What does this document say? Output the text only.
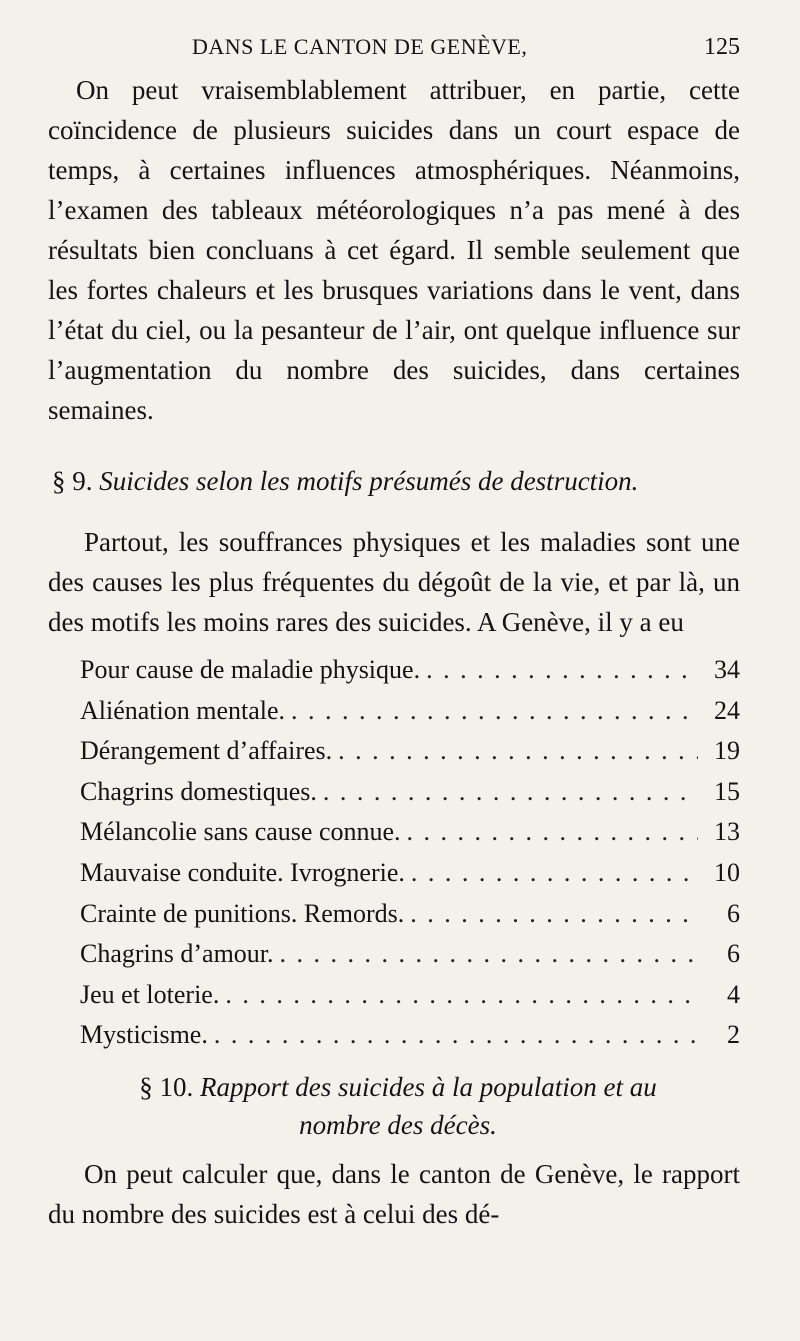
DANS LE CANTON DE GENÈVE,	125

On peut vraisemblablement attribuer, en partie, cette coïncidence de plusieurs suicides dans un court espace de temps, à certaines influences atmosphériques. Néanmoins, l’examen des tableaux météorologiques n’a pas mené à des résultats bien concluans à cet égard. Il semble seulement que les fortes chaleurs et les brusques variations dans le vent, dans l’état du ciel, ou la pesanteur de l’air, ont quelque influence sur l’augmentation du nombre des suicides, dans certaines semaines.

§ 9. Suicides selon les motifs présumés de destruction.

Partout, les souffrances physiques et les maladies sont une des causes les plus fréquentes du dégoût de la vie, et par là, un des motifs les moins rares des suicides. A Genève, il y a eu

Pour cause de maladie physique. . . .	34
Aliénation mentale. . . .	24
Dérangement d’affaires. . . .	19
Chagrins domestiques. . . .	15
Mélancolie sans cause connue. . . .	13
Mauvaise conduite. Ivrognerie. . . .	10
Crainte de punitions. Remords. . . .	6
Chagrins d’amour. . . .	6
Jeu et loterie. . . .	4
Mysticisme. . . .	2

§ 10. Rapport des suicides à la population et au
nombre des décès.

On peut calculer que, dans le canton de Genève, le rapport du nombre des suicides est à celui des dé-
